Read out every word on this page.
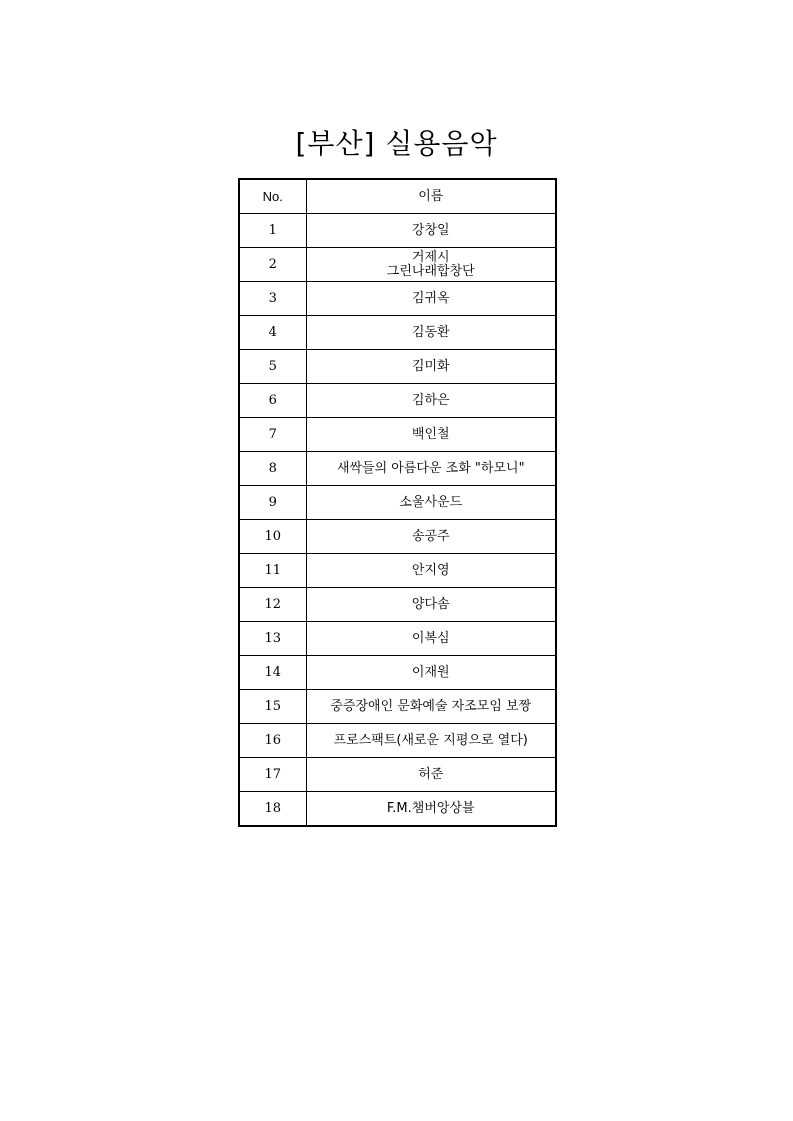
[부산] 실용음악
No.	이름
1	강창일
2	거제시
그린나래합창단
3	김귀옥
4	김동환
5	김미화
6	김하은
7	백인철
8	새싹들의 아름다운 조화 "하모니"
9	소울사운드
10	송공주
11	안지영
12	양다솜
13	이복심
14	이재원
15	중증장애인 문화예술 자조모임 보짱
16	프로스팩트(새로운 지평으로 열다)
17	허준
18	F.M.챔버앙상블
